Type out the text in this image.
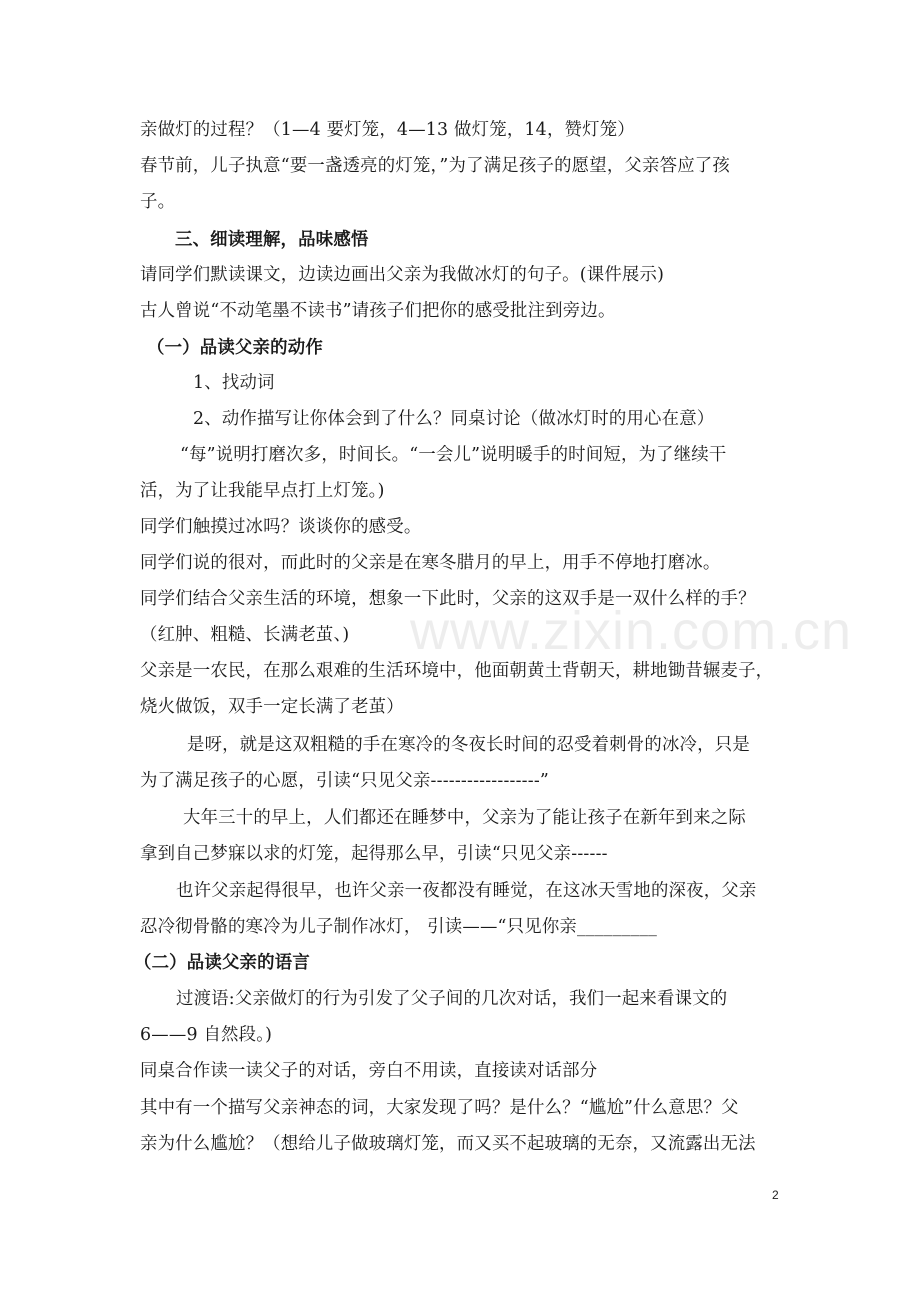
www.zixin.com.cn
亲做灯的过程？（1—4 要灯笼，4—13 做灯笼，14，赞灯笼）
春节前，儿子执意“要一盏透亮的灯笼，”为了满足孩子的愿望，父亲答应了孩
子。
三、细读理解，品味感悟
请同学们默读课文，边读边画出父亲为我做冰灯的句子。(课件展示)
古人曾说“不动笔墨不读书”请孩子们把你的感受批注到旁边。
（一）品读父亲的动作
1、找动词
2、动作描写让你体会到了什么？同桌讨论（做冰灯时的用心在意）
“每”说明打磨次多，时间长。“一会儿”说明暖手的时间短，为了继续干
活，为了让我能早点打上灯笼。)
同学们触摸过冰吗？谈谈你的感受。
同学们说的很对，而此时的父亲是在寒冬腊月的早上，用手不停地打磨冰。
同学们结合父亲生活的环境，想象一下此时，父亲的这双手是一双什么样的手？
（红肿、粗糙、长满老茧、)
父亲是一农民，在那么艰难的生活环境中，他面朝黄土背朝天，耕地锄昔辗麦子，
烧火做饭，双手一定长满了老茧）
是呀，就是这双粗糙的手在寒冷的冬夜长时间的忍受着刺骨的冰冷，只是
为了满足孩子的心愿，引读“只见父亲------------------”
大年三十的早上，人们都还在睡梦中，父亲为了能让孩子在新年到来之际
拿到自己梦寐以求的灯笼，起得那么早，引读“只见父亲------
也许父亲起得很早，也许父亲一夜都没有睡觉，在这冰天雪地的深夜，父亲
忍冷彻骨骼的寒冷为儿子制作冰灯， 引读——“只见你亲_________
（二）品读父亲的语言
过渡语:父亲做灯的行为引发了父子间的几次对话，我们一起来看课文的
6——9 自然段。)
同桌合作读一读父子的对话，旁白不用读，直接读对话部分
其中有一个描写父亲神态的词，大家发现了吗？是什么？“尴尬”什么意思？父
亲为什么尴尬？（想给儿子做玻璃灯笼，而又买不起玻璃的无奈，又流露出无法
2
